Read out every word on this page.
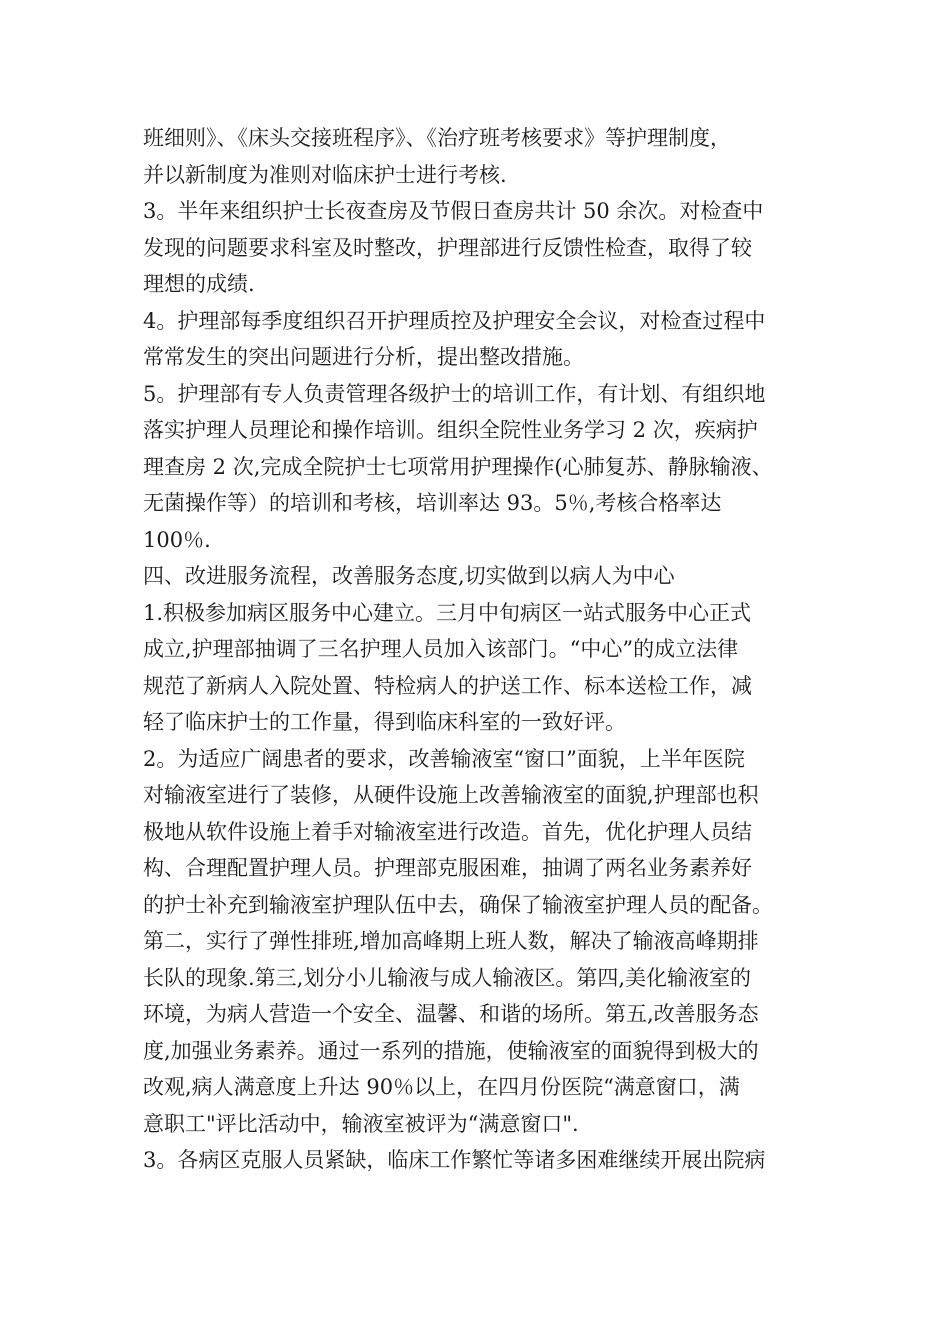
班细则》、《床头交接班程序》、《治疗班考核要求》等护理制度，
并以新制度为准则对临床护士进行考核.
3。半年来组织护士长夜查房及节假日查房共计 50 余次。对检查中
发现的问题要求科室及时整改，护理部进行反馈性检查，取得了较
理想的成绩.
4。护理部每季度组织召开护理质控及护理安全会议，对检查过程中
常常发生的突出问题进行分析，提出整改措施。
5。护理部有专人负责管理各级护士的培训工作，有计划、有组织地
落实护理人员理论和操作培训。组织全院性业务学习 2 次，疾病护
理查房 2 次,完成全院护士七项常用护理操作(心肺复苏、静脉输液、
无菌操作等）的培训和考核，培训率达 93。5％,考核合格率达
100％.
四、改进服务流程，改善服务态度,切实做到以病人为中心
1.积极参加病区服务中心建立。三月中旬病区一站式服务中心正式
成立,护理部抽调了三名护理人员加入该部门。“中心”的成立法律
规范了新病人入院处置、特检病人的护送工作、标本送检工作，减
轻了临床护士的工作量，得到临床科室的一致好评。
2。为适应广阔患者的要求，改善输液室“窗口”面貌，上半年医院
对输液室进行了装修，从硬件设施上改善输液室的面貌,护理部也积
极地从软件设施上着手对输液室进行改造。首先，优化护理人员结
构、合理配置护理人员。护理部克服困难，抽调了两名业务素养好
的护士补充到输液室护理队伍中去，确保了输液室护理人员的配备。
第二，实行了弹性排班,增加高峰期上班人数，解决了输液高峰期排
长队的现象.第三,划分小儿输液与成人输液区。第四,美化输液室的
环境，为病人营造一个安全、温馨、和谐的场所。第五,改善服务态
度,加强业务素养。通过一系列的措施，使输液室的面貌得到极大的
改观,病人满意度上升达 90％以上，在四月份医院“满意窗口，满
意职工"评比活动中，输液室被评为“满意窗口".
3。各病区克服人员紧缺，临床工作繁忙等诸多困难继续开展出院病
